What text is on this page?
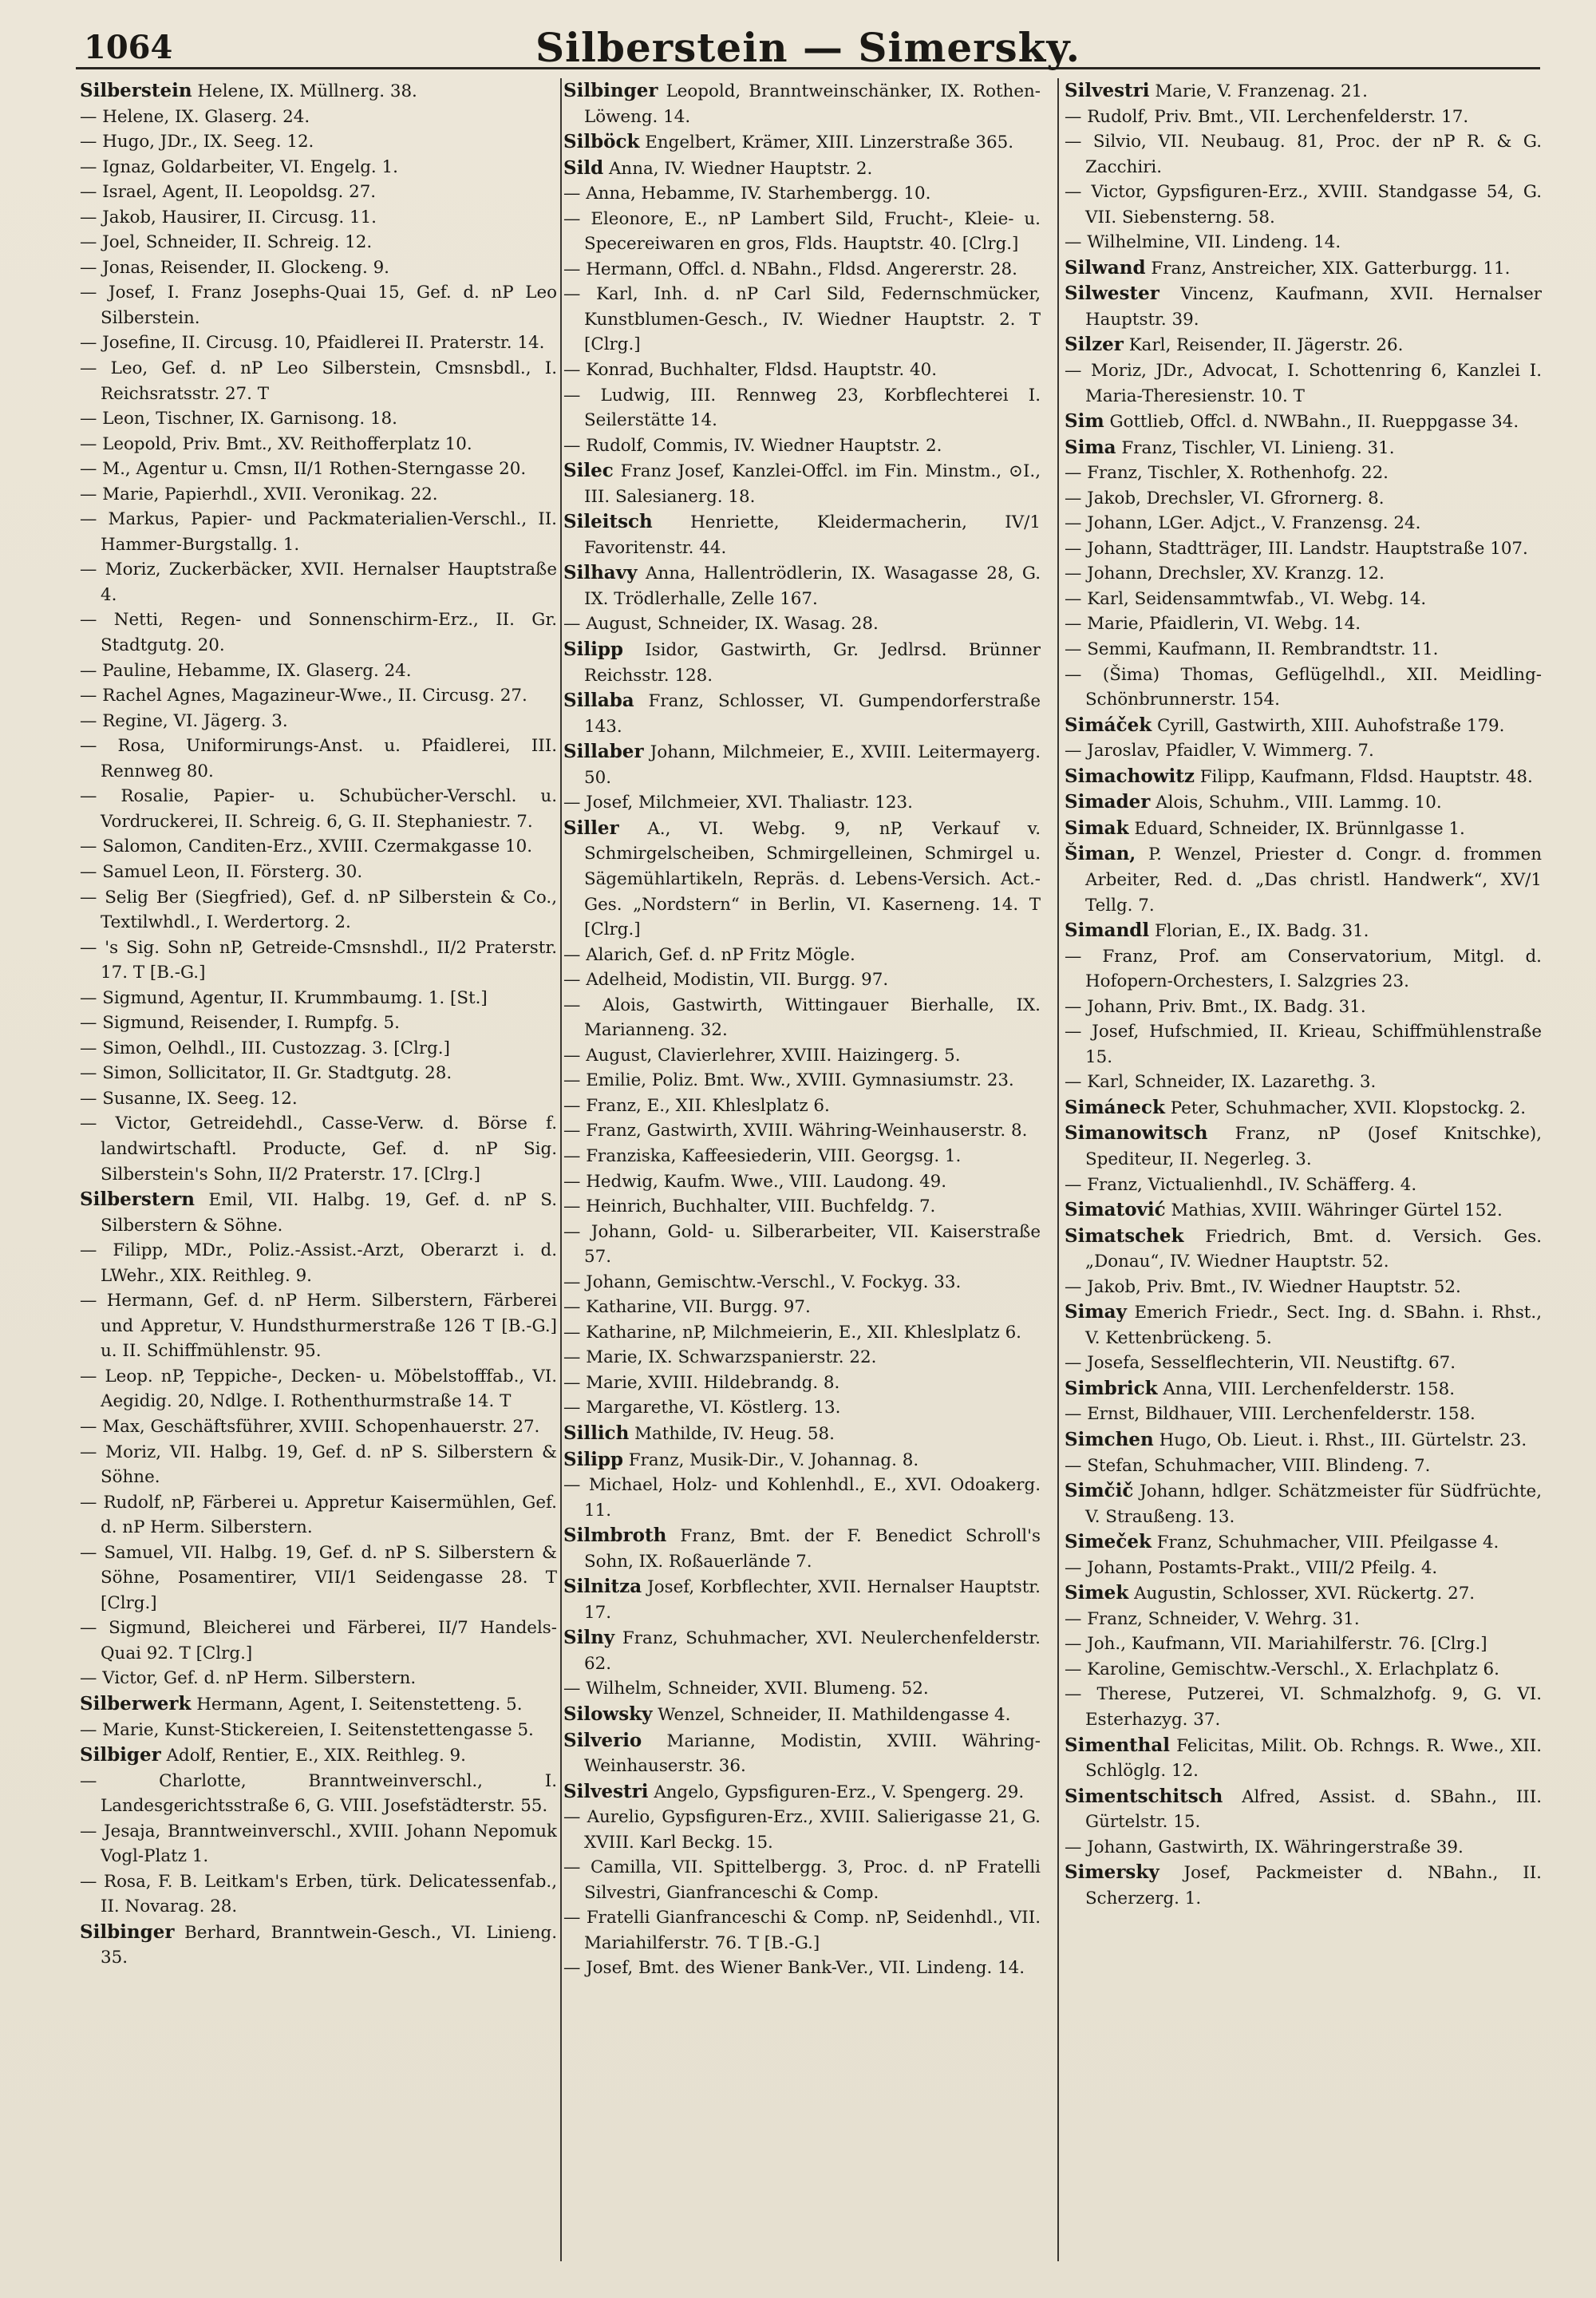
1064	Silberstein — Simersky.
Silberstein Helene, IX. Müllnerg. 38.
— Helene, IX. Glaserg. 24.
— Hugo, JDr., IX. Seeg. 12.
— Ignaz, Goldarbeiter, VI. Engelg. 1.
— Israel, Agent, II. Leopoldsg. 27.
— Jakob, Hausirer, II. Circusg. 11.
— Joel, Schneider, II. Schreig. 12.
— Jonas, Reisender, II. Glockeng. 9.
— Josef, I. Franz Josephs-Quai 15, Gef. d. nP Leo Silberstein.
— Josefine, II. Circusg. 10, Pfaidlerei II. Praterstr. 14.
— Leo, Gef. d. nP Leo Silberstein, Cmsnsbdl., I. Reichsratsstr. 27. T
— Leon, Tischner, IX. Garnisong. 18.
— Leopold, Priv. Bmt., XV. Reithofferplatz 10.
— M., Agentur u. Cmsn, II/1 Rothen-Sterngasse 20.
— Marie, Papierhdl., XVII. Veronikag. 22.
— Markus, Papier- und Packmaterialien-Verschl., II. Hammer-Burgstallg. 1.
— Moriz, Zuckerbäcker, XVII. Hernalser Hauptstraße 4.
— Netti, Regen- und Sonnenschirm-Erz., II. Gr. Stadtgutg. 20.
— Pauline, Hebamme, IX. Glaserg. 24.
— Rachel Agnes, Magazineur-Wwe., II. Circusg. 27.
— Regine, VI. Jägerg. 3.
— Rosa, Uniformirungs-Anst. u. Pfaidlerei, III. Rennweg 80.
— Rosalie, Papier- u. Schubücher-Verschl. u. Vordruckerei, II. Schreig. 6, G. II. Stephaniestr. 7.
— Salomon, Canditen-Erz., XVIII. Czermakgasse 10.
— Samuel Leon, II. Försterg. 30.
— Selig Ber (Siegfried), Gef. d. nP Silberstein & Co., Textilwhdl., I. Werdertorg. 2.
— 's Sig. Sohn nP, Getreide-Cmsnshdl., II/2 Praterstr. 17. T [B.-G.]
— Sigmund, Agentur, II. Krummbaumg. 1. [St.]
— Sigmund, Reisender, I. Rumpfg. 5.
— Simon, Oelhdl., III. Custozzag. 3. [Clrg.]
— Simon, Sollicitator, II. Gr. Stadtgutg. 28.
— Susanne, IX. Seeg. 12.
— Victor, Getreidehdl., Casse-Verw. d. Börse f. landwirtschaftl. Producte, Gef. d. nP Sig. Silberstein's Sohn, II/2 Praterstr. 17. [Clrg.]
Silberstern Emil, VII. Halbg. 19, Gef. d. nP S. Silberstern & Söhne.
— Filipp, MDr., Poliz.-Assist.-Arzt, Oberarzt i. d. LWehr., XIX. Reithleg. 9.
— Hermann, Gef. d. nP Herm. Silberstern, Färberei und Appretur, V. Hundsthurmerstraße 126 T [B.-G.] u. II. Schiffmühlenstr. 95.
— Leop. nP, Teppiche-, Decken- u. Möbelstofffab., VI. Aegidig. 20, Ndlge. I. Rothenthurmstraße 14. T
— Max, Geschäftsführer, XVIII. Schopenhauerstr. 27.
— Moriz, VII. Halbg. 19, Gef. d. nP S. Silberstern & Söhne.
— Rudolf, nP, Färberei u. Appretur Kaisermühlen, Gef. d. nP Herm. Silberstern.
— Samuel, VII. Halbg. 19, Gef. d. nP S. Silberstern & Söhne, Posamentirer, VII/1 Seidengasse 28. T [Clrg.]
— Sigmund, Bleicherei und Färberei, II/7 Handels-Quai 92. T [Clrg.]
— Victor, Gef. d. nP Herm. Silberstern.
Silberwerk Hermann, Agent, I. Seitenstetteng. 5.
— Marie, Kunst-Stickereien, I. Seitenstettengasse 5.
Silbiger Adolf, Rentier, E., XIX. Reithleg. 9.
— Charlotte, Branntweinverschl., I. Landesgerichtsstraße 6, G. VIII. Josefstädterstr. 55.
— Jesaja, Branntweinverschl., XVIII. Johann Nepomuk Vogl-Platz 1.
— Rosa, F. B. Leitkam's Erben, türk. Delicatessenfab., II. Novarag. 28.
Silbinger Berhard, Branntwein-Gesch., VI. Linieng. 35.
Silbinger Leopold, Branntweinschänker, IX. Rothen-Löweng. 14.
Silböck Engelbert, Krämer, XIII. Linzerstraße 365.
Sild Anna, IV. Wiedner Hauptstr. 2.
— Anna, Hebamme, IV. Starhembergg. 10.
— Eleonore, E., nP Lambert Sild, Frucht-, Kleie- u. Specereiwaren en gros, Flds. Hauptstr. 40. [Clrg.]
— Hermann, Offcl. d. NBahn., Fldsd. Angererstr. 28.
— Karl, Inh. d. nP Carl Sild, Federnschmücker, Kunstblumen-Gesch., IV. Wiedner Hauptstr. 2. T [Clrg.]
— Konrad, Buchhalter, Fldsd. Hauptstr. 40.
— Ludwig, III. Rennweg 23, Korbflechterei I. Seilerstätte 14.
— Rudolf, Commis, IV. Wiedner Hauptstr. 2.
Silec Franz Josef, Kanzlei-Offcl. im Fin. Minstm., ⊙I., III. Salesianerg. 18.
Sileitsch Henriette, Kleidermacherin, IV/1 Favoritenstr. 44.
Silhavy Anna, Hallentrödlerin, IX. Wasagasse 28, G. IX. Trödlerhalle, Zelle 167.
— August, Schneider, IX. Wasag. 28.
Silipp Isidor, Gastwirth, Gr. Jedlrsd. Brünner Reichsstr. 128.
Sillaba Franz, Schlosser, VI. Gumpendorferstraße 143.
Sillaber Johann, Milchmeier, E., XVIII. Leitermayerg. 50.
— Josef, Milchmeier, XVI. Thaliastr. 123.
Siller A., VI. Webg. 9, nP, Verkauf v. Schmirgelscheiben, Schmirgelleinen, Schmirgel u. Sägemühlartikeln, Repräs. d. Lebens-Versich. Act.-Ges. „Nordstern“ in Berlin, VI. Kaserneng. 14. T [Clrg.]
— Alarich, Gef. d. nP Fritz Mögle.
— Adelheid, Modistin, VII. Burgg. 97.
— Alois, Gastwirth, Wittingauer Bierhalle, IX. Marianneng. 32.
— August, Clavierlehrer, XVIII. Haizingerg. 5.
— Emilie, Poliz. Bmt. Ww., XVIII. Gymnasiumstr. 23.
— Franz, E., XII. Khleslplatz 6.
— Franz, Gastwirth, XVIII. Währing-Weinhauserstr. 8.
— Franziska, Kaffeesiederin, VIII. Georgsg. 1.
— Hedwig, Kaufm. Wwe., VIII. Laudong. 49.
— Heinrich, Buchhalter, VIII. Buchfeldg. 7.
— Johann, Gold- u. Silberarbeiter, VII. Kaiserstraße 57.
— Johann, Gemischtw.-Verschl., V. Fockyg. 33.
— Katharine, VII. Burgg. 97.
— Katharine, nP, Milchmeierin, E., XII. Khleslplatz 6.
— Marie, IX. Schwarzspanierstr. 22.
— Marie, XVIII. Hildebrandg. 8.
— Margarethe, VI. Köstlerg. 13.
Sillich Mathilde, IV. Heug. 58.
Silipp Franz, Musik-Dir., V. Johannag. 8.
— Michael, Holz- und Kohlenhdl., E., XVI. Odoakerg. 11.
Silmbroth Franz, Bmt. der F. Benedict Schroll's Sohn, IX. Roßauerlände 7.
Silnitza Josef, Korbflechter, XVII. Hernalser Hauptstr. 17.
Silny Franz, Schuhmacher, XVI. Neulerchenfelderstr. 62.
— Wilhelm, Schneider, XVII. Blumeng. 52.
Silowsky Wenzel, Schneider, II. Mathildengasse 4.
Silverio Marianne, Modistin, XVIII. Währing-Weinhauserstr. 36.
Silvestri Angelo, Gypsfiguren-Erz., V. Spengerg. 29.
— Aurelio, Gypsfiguren-Erz., XVIII. Salierigasse 21, G. XVIII. Karl Beckg. 15.
— Camilla, VII. Spittelbergg. 3, Proc. d. nP Fratelli Silvestri, Gianfranceschi & Comp.
— Fratelli Gianfranceschi & Comp. nP, Seidenhdl., VII. Mariahilferstr. 76. T [B.-G.]
— Josef, Bmt. des Wiener Bank-Ver., VII. Lindeng. 14.
Silvestri Marie, V. Franzenag. 21.
— Rudolf, Priv. Bmt., VII. Lerchenfelderstr. 17.
— Silvio, VII. Neubaug. 81, Proc. der nP R. & G. Zacchiri.
— Victor, Gypsfiguren-Erz., XVIII. Standgasse 54, G. VII. Siebensterng. 58.
— Wilhelmine, VII. Lindeng. 14.
Silwand Franz, Anstreicher, XIX. Gatterburgg. 11.
Silwester Vincenz, Kaufmann, XVII. Hernalser Hauptstr. 39.
Silzer Karl, Reisender, II. Jägerstr. 26.
— Moriz, JDr., Advocat, I. Schottenring 6, Kanzlei I. Maria-Theresienstr. 10. T
Sim Gottlieb, Offcl. d. NWBahn., II. Rueppgasse 34.
Sima Franz, Tischler, VI. Linieng. 31.
— Franz, Tischler, X. Rothenhofg. 22.
— Jakob, Drechsler, VI. Gfrornerg. 8.
— Johann, LGer. Adjct., V. Franzensg. 24.
— Johann, Stadtträger, III. Landstr. Hauptstraße 107.
— Johann, Drechsler, XV. Kranzg. 12.
— Karl, Seidensammtwfab., VI. Webg. 14.
— Marie, Pfaidlerin, VI. Webg. 14.
— Semmi, Kaufmann, II. Rembrandtstr. 11.
— (Šima) Thomas, Geflügelhdl., XII. Meidling-Schönbrunnerstr. 154.
Simáček Cyrill, Gastwirth, XIII. Auhofstraße 179.
— Jaroslav, Pfaidler, V. Wimmerg. 7.
Simachowitz Filipp, Kaufmann, Fldsd. Hauptstr. 48.
Simader Alois, Schuhm., VIII. Lammg. 10.
Simak Eduard, Schneider, IX. Brünnlgasse 1.
Šiman, P. Wenzel, Priester d. Congr. d. frommen Arbeiter, Red. d. „Das christl. Handwerk“, XV/1 Tellg. 7.
Simandl Florian, E., IX. Badg. 31.
— Franz, Prof. am Conservatorium, Mitgl. d. Hofopern-Orchesters, I. Salzgries 23.
— Johann, Priv. Bmt., IX. Badg. 31.
— Josef, Hufschmied, II. Krieau, Schiffmühlenstraße 15.
— Karl, Schneider, IX. Lazarethg. 3.
Simáneck Peter, Schuhmacher, XVII. Klopstockg. 2.
Simanowitsch Franz, nP (Josef Knitschke), Spediteur, II. Negerleg. 3.
— Franz, Victualienhdl., IV. Schäfferg. 4.
Simatović Mathias, XVIII. Währinger Gürtel 152.
Simatschek Friedrich, Bmt. d. Versich. Ges. „Donau“, IV. Wiedner Hauptstr. 52.
— Jakob, Priv. Bmt., IV. Wiedner Hauptstr. 52.
Simay Emerich Friedr., Sect. Ing. d. SBahn. i. Rhst., V. Kettenbrückeng. 5.
— Josefa, Sesselflechterin, VII. Neustiftg. 67.
Simbrick Anna, VIII. Lerchenfelderstr. 158.
— Ernst, Bildhauer, VIII. Lerchenfelderstr. 158.
Simchen Hugo, Ob. Lieut. i. Rhst., III. Gürtelstr. 23.
— Stefan, Schuhmacher, VIII. Blindeng. 7.
Simčič Johann, hdlger. Schätzmeister für Südfrüchte, V. Straußeng. 13.
Simeček Franz, Schuhmacher, VIII. Pfeilgasse 4.
— Johann, Postamts-Prakt., VIII/2 Pfeilg. 4.
Simek Augustin, Schlosser, XVI. Rückertg. 27.
— Franz, Schneider, V. Wehrg. 31.
— Joh., Kaufmann, VII. Mariahilferstr. 76. [Clrg.]
— Karoline, Gemischtw.-Verschl., X. Erlachplatz 6.
— Therese, Putzerei, VI. Schmalzhofg. 9, G. VI. Esterhazyg. 37.
Simenthal Felicitas, Milit. Ob. Rchngs. R. Wwe., XII. Schlöglg. 12.
Simentschitsch Alfred, Assist. d. SBahn., III. Gürtelstr. 15.
— Johann, Gastwirth, IX. Währingerstraße 39.
Simersky Josef, Packmeister d. NBahn., II. Scherzerg. 1.
